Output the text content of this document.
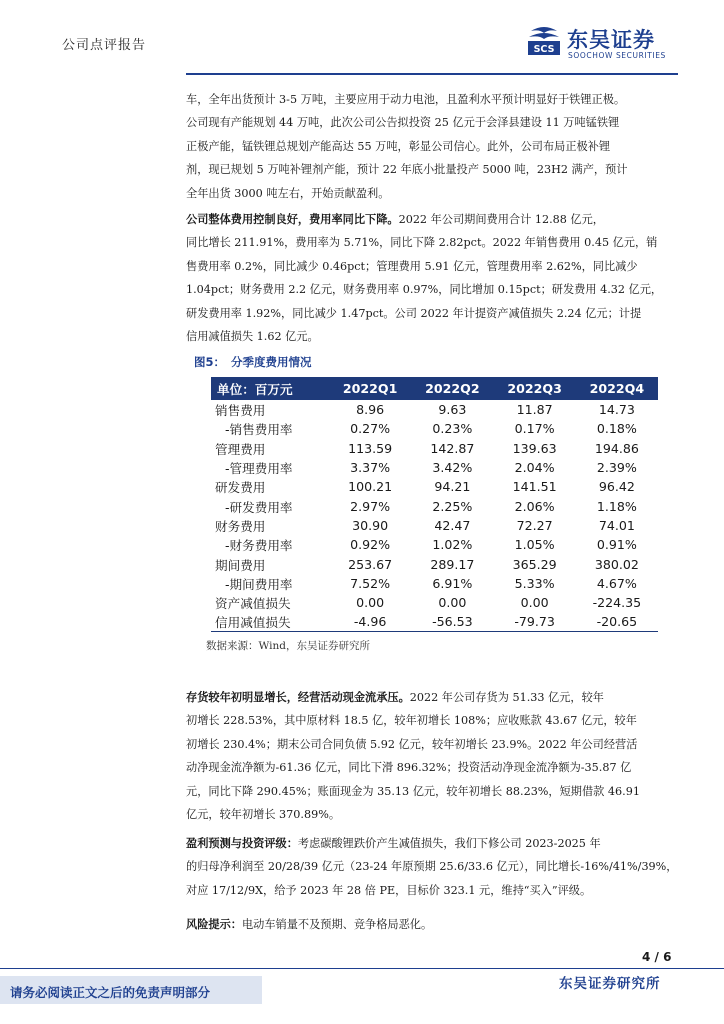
公司点评报告	SCS 东吴证券
SOOCHOW SECURITIES
车，全年出货预计 3-5 万吨，主要应用于动力电池，且盈利水平预计明显好于铁锂正极。
公司现有产能规划 44 万吨，此次公司公告拟投资 25 亿元于会泽县建设 11 万吨锰铁锂
正极产能，锰铁锂总规划产能高达 55 万吨，彰显公司信心。此外，公司布局正极补锂
剂，现已规划 5 万吨补锂剂产能，预计 22 年底小批量投产 5000 吨，23H2 满产，预计
全年出货 3000 吨左右，开始贡献盈利。
公司整体费用控制良好，费用率同比下降。2022 年公司期间费用合计 12.88 亿元，
同比增长 211.91%，费用率为 5.71%，同比下降 2.82pct。2022 年销售费用 0.45 亿元，销
售费用率 0.2%，同比减少 0.46pct；管理费用 5.91 亿元，管理费用率 2.62%，同比减少
1.04pct；财务费用 2.2 亿元，财务费用率 0.97%，同比增加 0.15pct；研发费用 4.32 亿元，
研发费用率 1.92%，同比减少 1.47pct。公司 2022 年计提资产减值损失 2.24 亿元；计提
信用减值损失 1.62 亿元。
图5： 分季度费用情况
单位：百万元	2022Q1	2022Q2	2022Q3	2022Q4
销售费用	8.96	9.63	11.87	14.73
-销售费用率	0.27%	0.23%	0.17%	0.18%
管理费用	113.59	142.87	139.63	194.86
-管理费用率	3.37%	3.42%	2.04%	2.39%
研发费用	100.21	94.21	141.51	96.42
-研发费用率	2.97%	2.25%	2.06%	1.18%
财务费用	30.90	42.47	72.27	74.01
-财务费用率	0.92%	1.02%	1.05%	0.91%
期间费用	253.67	289.17	365.29	380.02
-期间费用率	7.52%	6.91%	5.33%	4.67%
资产减值损失	0.00	0.00	0.00	-224.35
信用减值损失	-4.96	-56.53	-79.73	-20.65
数据来源：Wind，东吴证券研究所
存货较年初明显增长，经营活动现金流承压。2022 年公司存货为 51.33 亿元，较年
初增长 228.53%，其中原材料 18.5 亿，较年初增长 108%；应收账款 43.67 亿元，较年
初增长 230.4%；期末公司合同负债 5.92 亿元，较年初增长 23.9%。2022 年公司经营活
动净现金流净额为-61.36 亿元，同比下滑 896.32%；投资活动净现金流净额为-35.87 亿
元，同比下降 290.45%；账面现金为 35.13 亿元，较年初增长 88.23%，短期借款 46.91
亿元，较年初增长 370.89%。
盈利预测与投资评级：考虑碳酸锂跌价产生减值损失，我们下修公司 2023-2025 年
的归母净利润至 20/28/39 亿元（23-24 年原预期 25.6/33.6 亿元），同比增长-16%/41%/39%，
对应 17/12/9X，给予 2023 年 28 倍 PE，目标价 323.1 元，维持“买入”评级。
风险提示：电动车销量不及预期、竞争格局恶化。
4 / 6
请务必阅读正文之后的免责声明部分
东吴证券研究所
